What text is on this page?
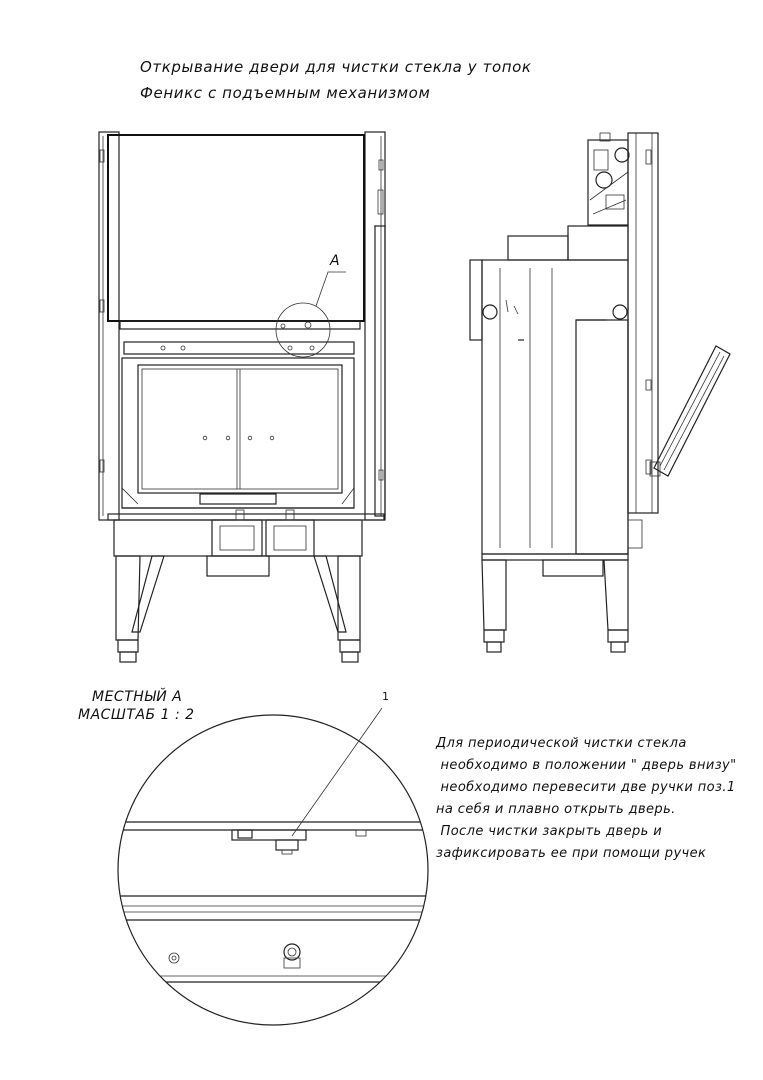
Открывание двери для чистки стекла у топок
Феникс с подъемным механизмом
А
1
МЕСТНЫЙ А
МАСШТАБ 1 : 2
Для периодической чистки стекла
необходимо в положении " дверь внизу"
необходимо перевесити две ручки поз.1
на себя и плавно открыть дверь.
После чистки закрыть дверь и
зафиксировать ее при помощи ручек
